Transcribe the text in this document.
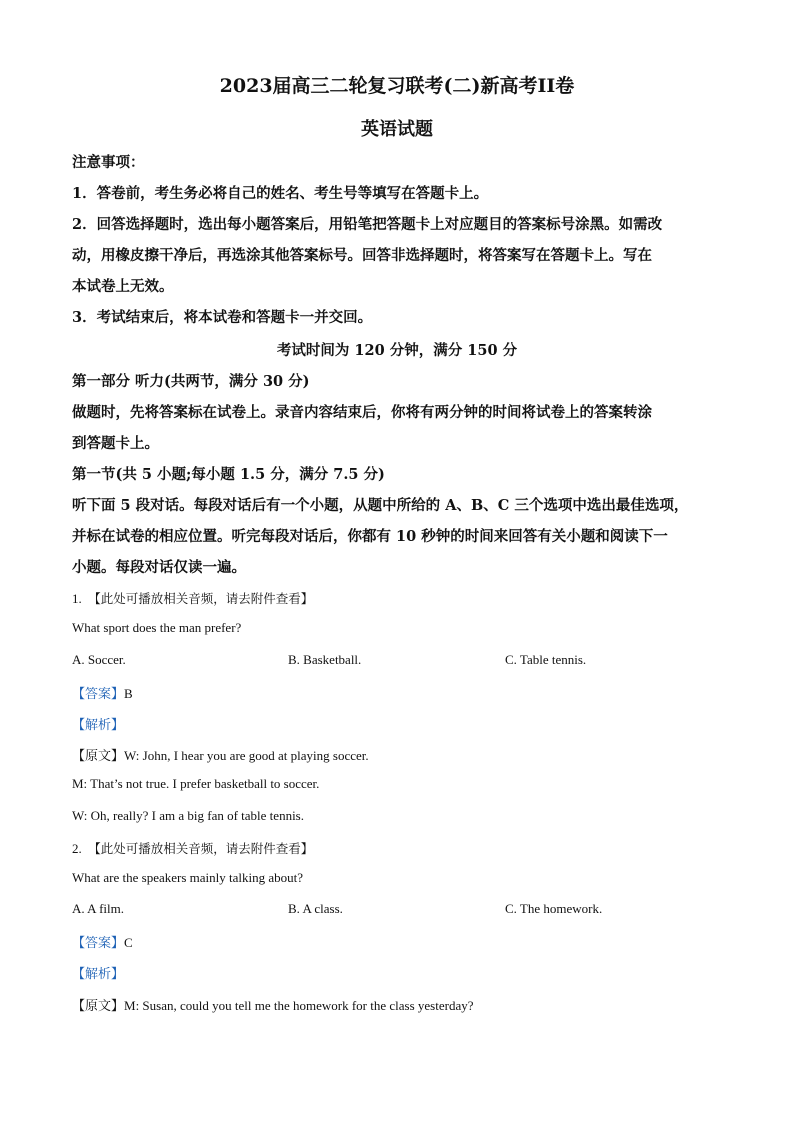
2023届高三二轮复习联考(二)新高考II卷
英语试题
注意事项：
1．答卷前，考生务必将自己的姓名、考生号等填写在答题卡上。
2．回答选择题时，选出每小题答案后，用铅笔把答题卡上对应题目的答案标号涂黑。如需改
动，用橡皮擦干净后，再选涂其他答案标号。回答非选择题时，将答案写在答题卡上。写在
本试卷上无效。
3．考试结束后，将本试卷和答题卡一并交回。
考试时间为 120 分钟，满分 150 分
第一部分 听力(共两节，满分 30 分)
做题时，先将答案标在试卷上。录音内容结束后，你将有两分钟的时间将试卷上的答案转涂
到答题卡上。
第一节(共 5 小题;每小题 1.5 分，满分 7.5 分)
听下面 5 段对话。每段对话后有一个小题，从题中所给的 A、B、C 三个选项中选出最佳选项，
并标在试卷的相应位置。听完每段对话后，你都有 10 秒钟的时间来回答有关小题和阅读下一
小题。每段对话仅读一遍。
1. 【此处可播放相关音频，请去附件查看】
What sport does the man prefer?
A. Soccer.	B. Basketball.	C. Table tennis.
【答案】B
【解析】
【原文】W: John, I hear you are good at playing soccer.
M: That’s not true. I prefer basketball to soccer.
W: Oh, really? I am a big fan of table tennis.
2. 【此处可播放相关音频，请去附件查看】
What are the speakers mainly talking about?
A. A film.	B. A class.	C. The homework.
【答案】C
【解析】
【原文】M: Susan, could you tell me the homework for the class yesterday?
